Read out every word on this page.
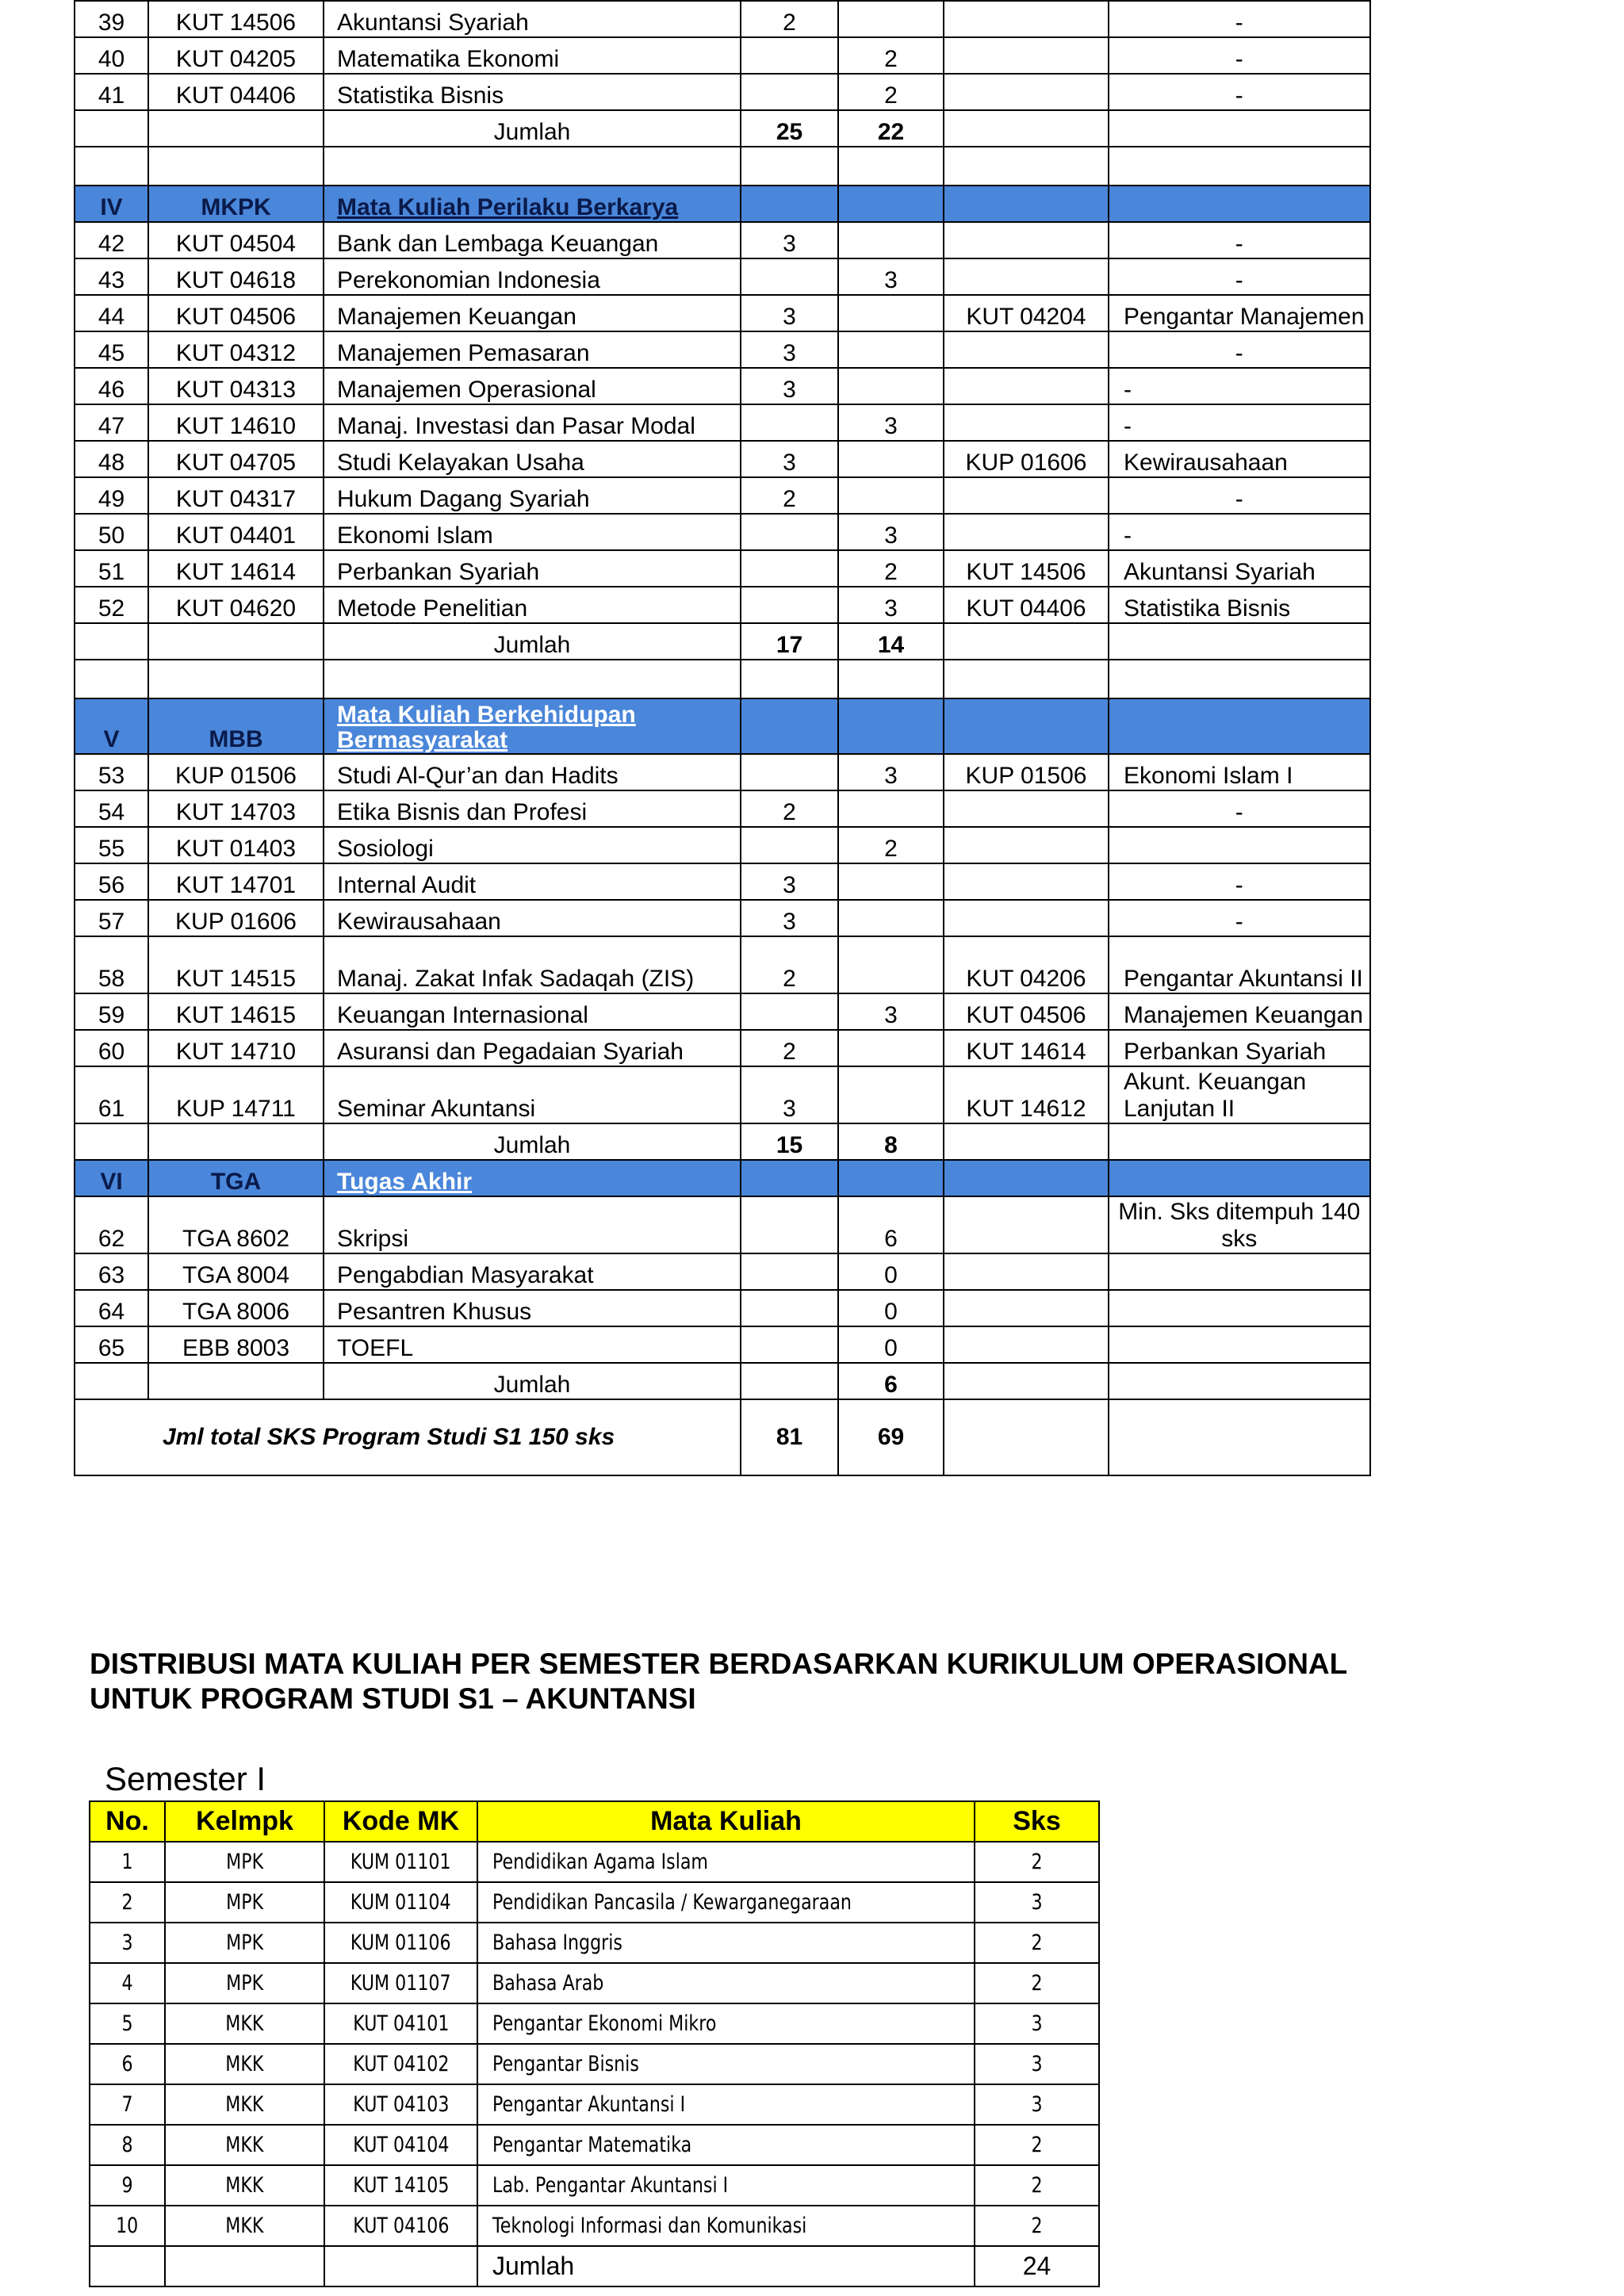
39	KUT 14506	Akuntansi Syariah	2			-
40	KUT 04205	Matematika Ekonomi		2		-
41	KUT 04406	Statistika Bisnis		2		-
		Jumlah	25	22		

IV	MKPK	Mata Kuliah Perilaku Berkarya				
42	KUT 04504	Bank dan Lembaga Keuangan	3			-
43	KUT 04618	Perekonomian Indonesia		3		-
44	KUT 04506	Manajemen Keuangan	3		KUT 04204	Pengantar Manajemen
45	KUT 04312	Manajemen Pemasaran	3			-
46	KUT 04313	Manajemen Operasional	3			-
47	KUT 14610	Manaj. Investasi dan Pasar Modal		3		-
48	KUT 04705	Studi Kelayakan Usaha	3		KUP 01606	Kewirausahaan
49	KUT 04317	Hukum Dagang Syariah	2			-
50	KUT 04401	Ekonomi Islam		3		-
51	KUT 14614	Perbankan Syariah		2	KUT 14506	Akuntansi Syariah
52	KUT 04620	Metode Penelitian		3	KUT 04406	Statistika Bisnis
		Jumlah	17	14		

V	MBB	Mata Kuliah Berkehidupan Bermasyarakat				
53	KUP 01506	Studi Al-Qur’an dan Hadits		3	KUP 01506	Ekonomi Islam I
54	KUT 14703	Etika Bisnis dan Profesi	2			-
55	KUT 01403	Sosiologi		2		
56	KUT 14701	Internal Audit	3			-
57	KUP 01606	Kewirausahaan	3			-
58	KUT 14515	Manaj. Zakat Infak Sadaqah (ZIS)	2		KUT 04206	Pengantar Akuntansi II
59	KUT 14615	Keuangan Internasional		3	KUT 04506	Manajemen Keuangan
60	KUT 14710	Asuransi dan Pegadaian Syariah	2		KUT 14614	Perbankan Syariah
61	KUP 14711	Seminar Akuntansi	3		KUT 14612	Akunt. Keuangan Lanjutan II
		Jumlah	15	8		
VI	TGA	Tugas Akhir				
62	TGA 8602	Skripsi		6		Min. Sks ditempuh 140 sks
63	TGA 8004	Pengabdian Masyarakat		0		
64	TGA 8006	Pesantren Khusus		0		
65	EBB 8003	TOEFL		0		
		Jumlah		6		
Jml total SKS Program Studi S1 150 sks			81	69		
DISTRIBUSI MATA KULIAH PER SEMESTER BERDASARKAN KURIKULUM OPERASIONAL
UNTUK PROGRAM STUDI S1 – AKUNTANSI
Semester I
No.	Kelmpk	Kode MK	Mata Kuliah	Sks
1	MPK	KUM 01101	Pendidikan Agama Islam	2
2	MPK	KUM 01104	Pendidikan Pancasila / Kewarganegaraan	3
3	MPK	KUM 01106	Bahasa Inggris	2
4	MPK	KUM 01107	Bahasa Arab	2
5	MKK	KUT 04101	Pengantar Ekonomi Mikro	3
6	MKK	KUT 04102	Pengantar Bisnis	3
7	MKK	KUT 04103	Pengantar Akuntansi I	3
8	MKK	KUT 04104	Pengantar Matematika	2
9	MKK	KUT 14105	Lab. Pengantar Akuntansi I	2
10	MKK	KUT 04106	Teknologi Informasi dan Komunikasi	2
			Jumlah	24
